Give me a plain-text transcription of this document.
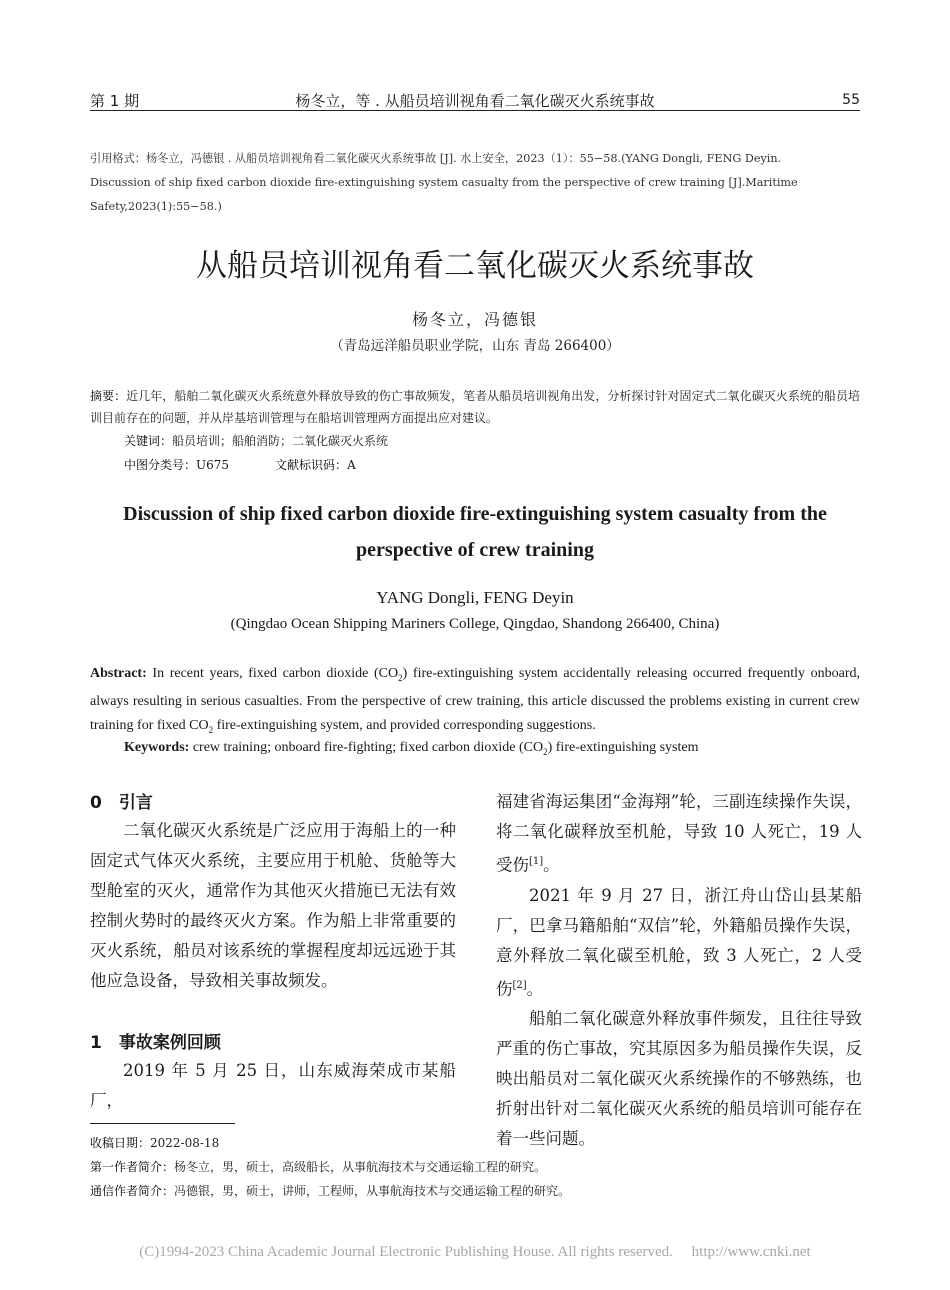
第 1 期	杨冬立，等 . 从船员培训视角看二氧化碳灭火系统事故	55
引用格式：杨冬立，冯德银 . 从船员培训视角看二氧化碳灭火系统事故 [J]. 水上安全，2023（1）：55−58.(YANG Dongli, FENG Deyin.
Discussion of ship fixed carbon dioxide fire-extinguishing system casualty from the perspective of crew training [J].Maritime Safety,2023(1):55−58.)
从船员培训视角看二氧化碳灭火系统事故
杨冬立，冯德银
（青岛远洋船员职业学院，山东 青岛 266400）
摘要：近几年，船舶二氧化碳灭火系统意外释放导致的伤亡事故频发，笔者从船员培训视角出发，分析探讨针对固定式二氧化碳灭火系统的船员培训目前存在的问题，并从岸基培训管理与在船培训管理两方面提出应对建议。
关键词：船员培训；船舶消防；二氧化碳灭火系统
中图分类号：U675	文献标识码：A
Discussion of ship fixed carbon dioxide fire-extinguishing system casualty from the
perspective of crew training
YANG Dongli, FENG Deyin
(Qingdao Ocean Shipping Mariners College, Qingdao, Shandong 266400, China)
Abstract: In recent years, fixed carbon dioxide $(CO_2)$ fire-extinguishing system accidentally releasing occurred frequently onboard, always resulting in serious casualties. From the perspective of crew training, this article discussed the problems existing in current crew training for fixed $CO_2$ fire-extinguishing system, and provided corresponding suggestions.
Keywords: crew training; onboard fire-fighting; fixed carbon dioxide $(CO_2)$ fire-extinguishing system
0　引言

二氧化碳灭火系统是广泛应用于海船上的一种固定式气体灭火系统，主要应用于机舱、货舱等大型舱室的灭火，通常作为其他灭火措施已无法有效控制火势时的最终灭火方案。作为船上非常重要的灭火系统，船员对该系统的掌握程度却远远逊于其他应急设备，导致相关事故频发。

1　事故案例回顾

2019 年 5 月 25 日，山东威海荣成市某船厂，

福建省海运集团“金海翔”轮，三副连续操作失误，将二氧化碳释放至机舱，导致 10 人死亡，19 人受伤[1]。

2021 年 9 月 27 日，浙江舟山岱山县某船厂，巴拿马籍船舶“双信”轮，外籍船员操作失误，意外释放二氧化碳至机舱，致 3 人死亡，2 人受伤[2]。

船舶二氧化碳意外释放事件频发，且往往导致严重的伤亡事故，究其原因多为船员操作失误，反映出船员对二氧化碳灭火系统操作的不够熟练，也折射出针对二氧化碳灭火系统的船员培训可能存在着一些问题。

收稿日期：2022-08-18
第一作者简介：杨冬立，男，硕士，高级船长，从事航海技术与交通运输工程的研究。
通信作者简介：冯德银，男，硕士，讲师，工程师，从事航海技术与交通运输工程的研究。
(C)1994-2023 China Academic Journal Electronic Publishing House. All rights reserved.　 http://www.cnki.net
